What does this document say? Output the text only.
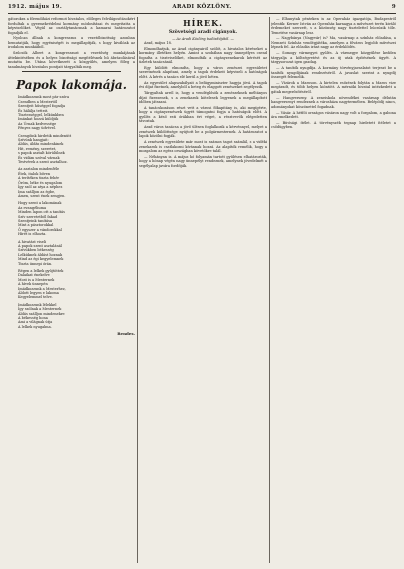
1912. május 19.	ARADI KÖZLÖNY.	9

gátorokra a főrendiházi reformot hivatalos, előleges felvilágosításokért fordultak a gyermekvédelmi kormány módosításai és megvitatta a képviselőket. Végül az osztálytanácsnak a kamarai határozatot fogadják el.

Nyolcan állnak a kongresszus a vezetőbizottság azonban bemutatják, hogy egyéniségét is megállapítják, s hogy kiválóak az irodalom munkáiból.

Szűcsök Albert a kongresszust a vezetőség munkájának áttekintésében és a helyes bizottsági megítélésnek hű ábrázolásával mutatta be. Utána következett a közgyűlés, amelyen főleg a tanulmányok hivatalos pontjait tárgyalták meg.

Papok lakomája.
Imádkozzunk most pár szóra
Csendben a Mestertől
Szentjeit hűséggel fogadja
És hálálja tetteit.
Tisztességgel, lelkünkben
Imánkat hozzá küldjük
Az Úrnak kedvessége
Fényes nagy üdvével.
Csengőink hirdetik mindenütt
Szívünk hangjait:
Áldás, áldás mindenkinek
Hit, remény, szeretet,
s papok asztalt körülülnek
És vidám szóval várnak
Testvérek a szent asztalhoz.
Az asztalon mindenféle
Étek, italok bőven
A terítéken tiszta fehér
Öröm, béke és nyugalom
Így szól az atya a néphez
Ima szálljon az égbe,
Ámen, szent ének zengjen.
Hogy szent a lakomának
Az evangéliuma
Minden lapon ott a tanítás
Szív szeretetből fakad
Szentjeink tanítása
Mint a pásztorokkal
Ő egyszer a vándorokkal
Hírét is elhozta.
A hivatást viseli
A papok szent asztalánál
Szívükben békesség
Lelküknek áldást hoznak
Mind az égi kegyelemnek
Tiszta ünnepi órán.
Régen a lelkek gyűjtöttek
Dalaikat énekelve
Most is a Mesternek
A hívek ünnepén
Imádkozzunk a Mesterhez,
Áldott legyen e lakoma
Kegyelemmel telve.
Imádkozzunk lélekkel
Így szólnak a Mesternek
Áldás szálljon mindenekre
A békesség hona
Ami a világnak útja
A lelkek nyugalma.
Rendes.
HÍREK.
Szövetségi aradi cigányok.
— Az Aradi Közlöny tudósítójától. —

Arad, május 18.

Elmondhatjuk, az Arad cigányairól szólót, a hivatalos kéréseket a kormány illetékes helyén. Amint a szobában nagy ünnepélyes csend fogadta a tisztviselőket, elmondták a cigányzenekarok kérését az üzletek tanácsánál.

Egy küldött elmondta, hogy a város zenészei egyesületet szeretnének alapítani, amely a tagok érdekeit képviseli a hatóságok előtt. A kérés a tanács elé kerül a jövő héten.

Az egyesület alapszabályait a belügyminiszter hagyja jóvá. A tagok évi díjat fizetnek, amelyből a beteg és elaggott zenészeket segélyezik.

Tárgyaltak arról is, hogy a vendéglősök a zenészeknek méltányos díjat fizessenek, s a zenekarok kötelesek legyenek a megállapított időben játszani.

A tanácskozáson részt vett a városi főkapitány is, aki megígérte, hogy a cigányzenészek ügyét támogatni fogja a hatóságok előtt. A gyűlés a késő esti órákban ért véget, a résztvevők elégedetten távoztak.

Arad város tanácsa a jövő ülésen foglalkozik a kérvénnyel, melyet a zenészek küldöttsége nyújtott be a polgármesternek. A határozatot a lapok közölni fogják.

A zenészek egyesülete már most is számos tagot számlál, s a vidéki zenekarok is csatlakozni kívánnak hozzá. Az alapítók remélik, hogy a mozgalom az egész országban követőkre talál.

— Néhányan is. A május hó folyamán tartott gyűlésen elhatározták, hogy a hónap végén nagy ünnepélyt rendeznek, amelynek jövedelmét a segélyalap javára fordítják.

— Elhunytak pénteken is az Operaház igazgatója, Budapestről jelentik: Kerner István az Operaház karnagya a művészet terén kiváló érdemeket szerzett, s a közönség nagy tisztelettel búcsúzik tőle. Temetése vasárnap lesz.

— Nagybánya (Nagyvár) is? Ma, vasárnap a színház előadása, a Nemzeti Színház vendégjátéka, amelyen a főváros legjobb művészei lépnek fel. Az előadás iránt nagy az érdeklődés.

— Somogy vármegyei gyűlés. A vármegye közgyűlése kedden tárgyalja a költségvetést és az új utak építésének ügyét. A tárgysorozat igen gazdag.

— A tanítók nyugdíja. A kormány törvényjavaslatot terjeszt be a tanítók nyugdíjának rendezéséről. A javaslat szerint a nyugdíj összegét felemelik.

— Vízárok a Maroson. A hirtelen esőzések folytán a Maros vize megáradt, és több helyen kiöntött. A mérnöki hivatal intézkedett a gátak megerősítéséről.

— Hangverseny. A zeneiskola növendékei vasárnap délután hangversenyt rendeznek a városháza nagytermében. Belépődíj nincs, adományokat köszönettel fogadnak.

— Vásár. A hétfői országos vásáron nagy volt a forgalom, a gabona ára emelkedett.

— Bírósági ítélet. A törvényszék tegnap hirdetett ítéletet a csődügyben.
